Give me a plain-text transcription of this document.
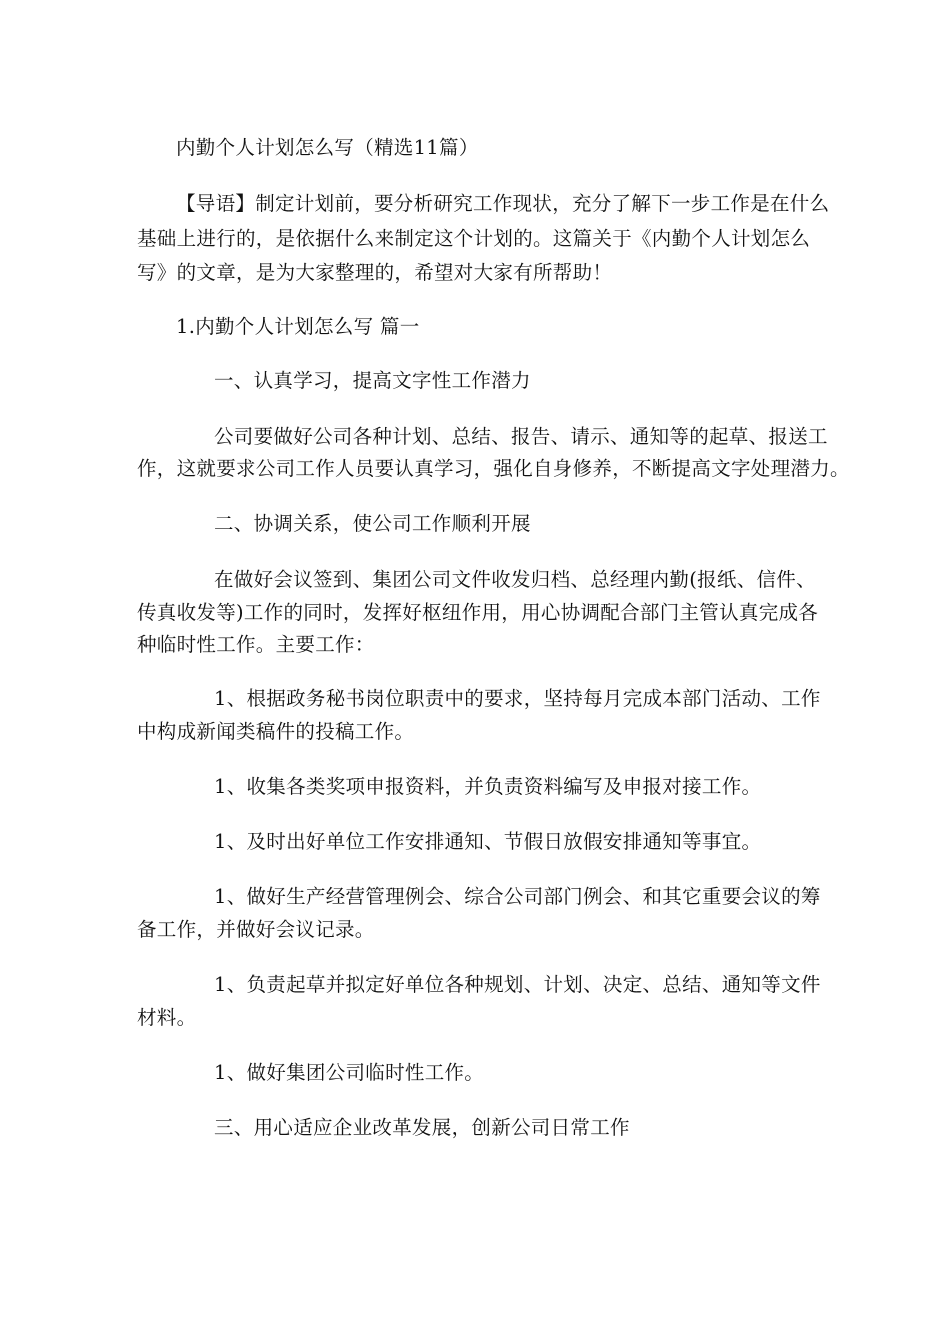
内勤个人计划怎么写（精选11篇）
【导语】制定计划前，要分析研究工作现状，充分了解下一步工作是在什么
基础上进行的，是依据什么来制定这个计划的。这篇关于《内勤个人计划怎么
写》的文章，是为大家整理的，希望对大家有所帮助！
1.内勤个人计划怎么写 篇一
一、认真学习，提高文字性工作潜力
公司要做好公司各种计划、总结、报告、请示、通知等的起草、报送工
作，这就要求公司工作人员要认真学习，强化自身修养，不断提高文字处理潜力。
二、协调关系，使公司工作顺利开展
在做好会议签到、集团公司文件收发归档、总经理内勤(报纸、信件、
传真收发等)工作的同时，发挥好枢纽作用，用心协调配合部门主管认真完成各
种临时性工作。主要工作：
1、根据政务秘书岗位职责中的要求，坚持每月完成本部门活动、工作
中构成新闻类稿件的投稿工作。
1、收集各类奖项申报资料，并负责资料编写及申报对接工作。
1、及时出好单位工作安排通知、节假日放假安排通知等事宜。
1、做好生产经营管理例会、综合公司部门例会、和其它重要会议的筹
备工作，并做好会议记录。
1、负责起草并拟定好单位各种规划、计划、决定、总结、通知等文件
材料。
1、做好集团公司临时性工作。
三、用心适应企业改革发展，创新公司日常工作
